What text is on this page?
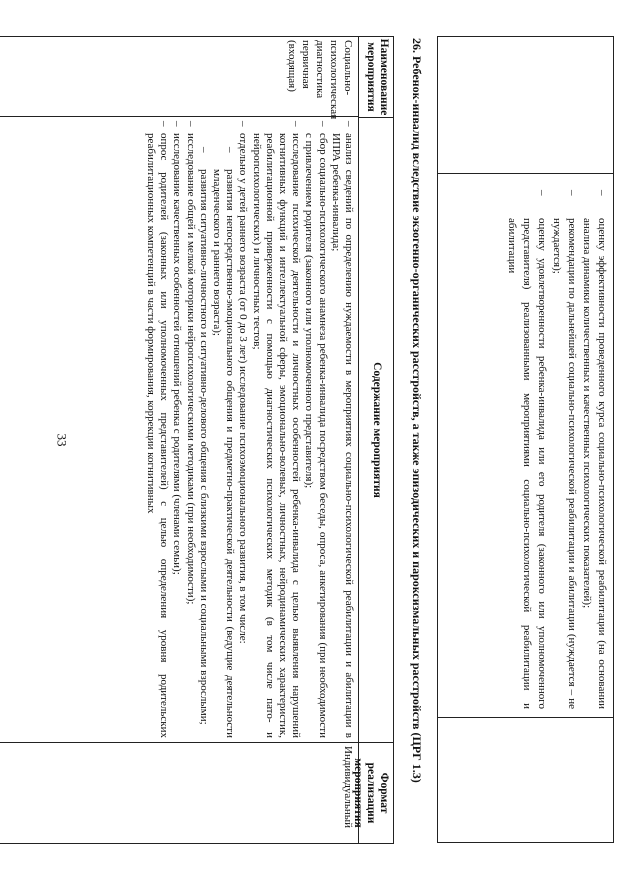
33
–
оценку эффективности проведенного курса социально-психологической реабилитации (на основании анализа динамики количественных и качественных психологических показателей);
–
рекомендации по дальнейшей социально-психологической реабилитации и абилитации (нуждается – не нуждается);
–
оценку удовлетворенности ребенка-инвалида или его родителя (законного или уполномоченного представителя) реализованными мероприятиями социально-психологической реабилитации и абилитации
26. Ребенок-инвалид вследствие экзогенно-органических расстройств, а также эпизодических и пароксизмальных расстройств (ЦРГ 1.3)
Наименование мероприятия
Содержание мероприятия
Формат реализации мероприятия
Социально-психологическая диагностика первичная (входящая)
–
анализ сведений по определению нуждаемости в мероприятиях социально-психологической реабилитации и абилитации в ИПРА ребенка-инвалида;
–
сбор социально-психологического анамнеза ребенка-инвалида посредством беседы, опроса, анкетирования (при необходимости с привлечением родителя (законного или уполномоченного представителя);
–
исследование психической деятельности и личностных особенностей ребенка-инвалида с целью выявления нарушений когнитивных функций и интеллектуальной сферы, эмоционально-волевых, личностных, нейродинамических характеристик, реабилитационной приверженности с помощью диагностических психологических методик (в том числе пато- и нейропсихологических) и личностных тестов;
–
отдельно у детей раннего возраста (от 0 до 3 лет) исследование психоэмоционального развития, в том числе:
–
развития непосредственно-эмоционального общения и предметно-практической деятельности (ведущие деятельности младенческого и раннего возраста);
–
развития ситуативно-личностного и ситуативно-делового общения с близкими взрослыми и социальными взрослыми;
–
исследование общей и мелкой моторики нейропсихологическими методиками (при необходимости);
–
исследование качественных особенностей отношений ребенка с родителями (членами семьи);
–
опрос родителей (законных или уполномоченных представителей) с целью определения уровня родительских реабилитационных компетенций в части формирования, коррекции когнитивных
Индивидуальный
